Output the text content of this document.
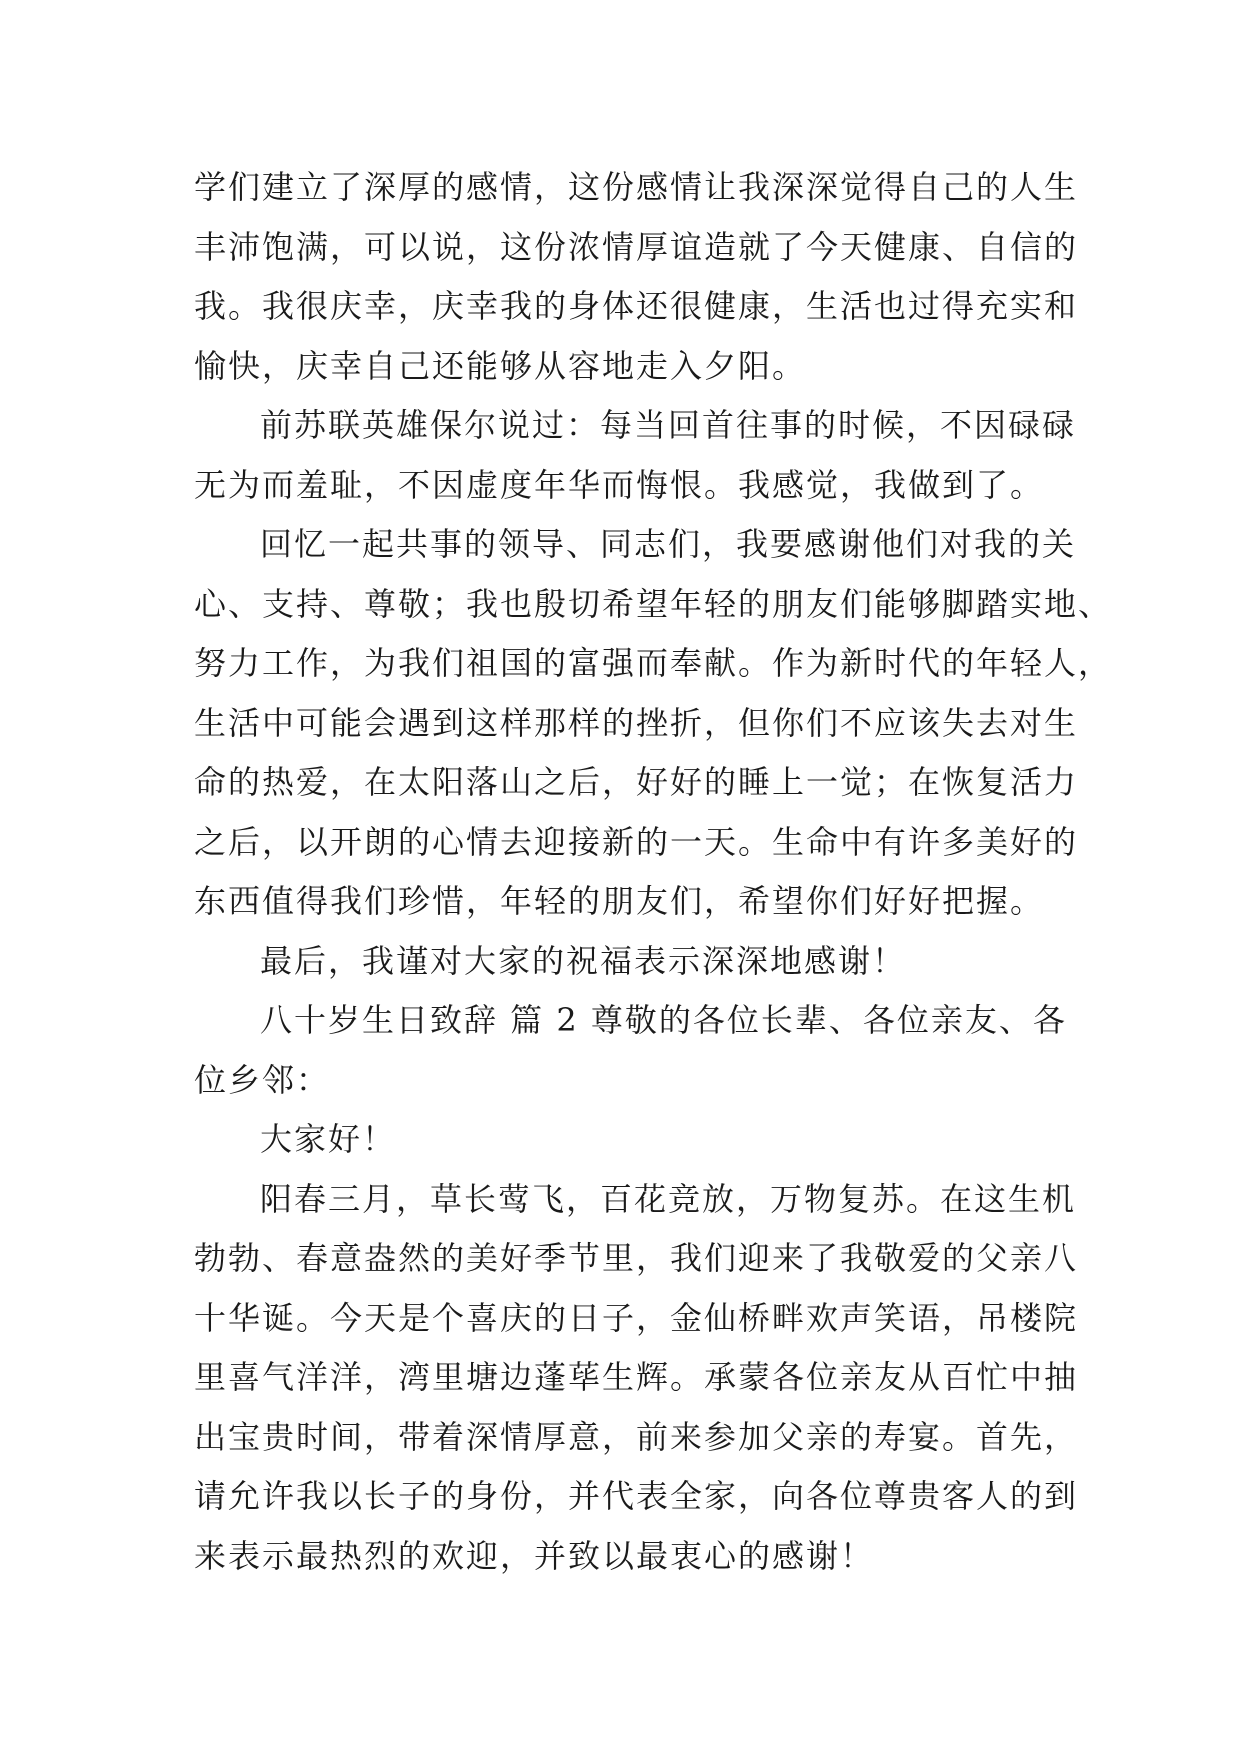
学们建立了深厚的感情，这份感情让我深深觉得自己的人生
丰沛饱满，可以说，这份浓情厚谊造就了今天健康、自信的
我。我很庆幸，庆幸我的身体还很健康，生活也过得充实和
愉快，庆幸自己还能够从容地走入夕阳。
前苏联英雄保尔说过：每当回首往事的时候，不因碌碌
无为而羞耻，不因虚度年华而悔恨。我感觉，我做到了。
回忆一起共事的领导、同志们，我要感谢他们对我的关
心、支持、尊敬；我也殷切希望年轻的朋友们能够脚踏实地、
努力工作，为我们祖国的富强而奉献。作为新时代的年轻人，
生活中可能会遇到这样那样的挫折，但你们不应该失去对生
命的热爱，在太阳落山之后，好好的睡上一觉；在恢复活力
之后，以开朗的心情去迎接新的一天。生命中有许多美好的
东西值得我们珍惜，年轻的朋友们，希望你们好好把握。
最后，我谨对大家的祝福表示深深地感谢！
八十岁生日致辞 篇 2 尊敬的各位长辈、各位亲友、各
位乡邻：
大家好！
阳春三月，草长莺飞，百花竞放，万物复苏。在这生机
勃勃、春意盎然的美好季节里，我们迎来了我敬爱的父亲八
十华诞。今天是个喜庆的日子，金仙桥畔欢声笑语，吊楼院
里喜气洋洋，湾里塘边蓬荜生辉。承蒙各位亲友从百忙中抽
出宝贵时间，带着深情厚意，前来参加父亲的寿宴。首先，
请允许我以长子的身份，并代表全家，向各位尊贵客人的到
来表示最热烈的欢迎，并致以最衷心的感谢！
